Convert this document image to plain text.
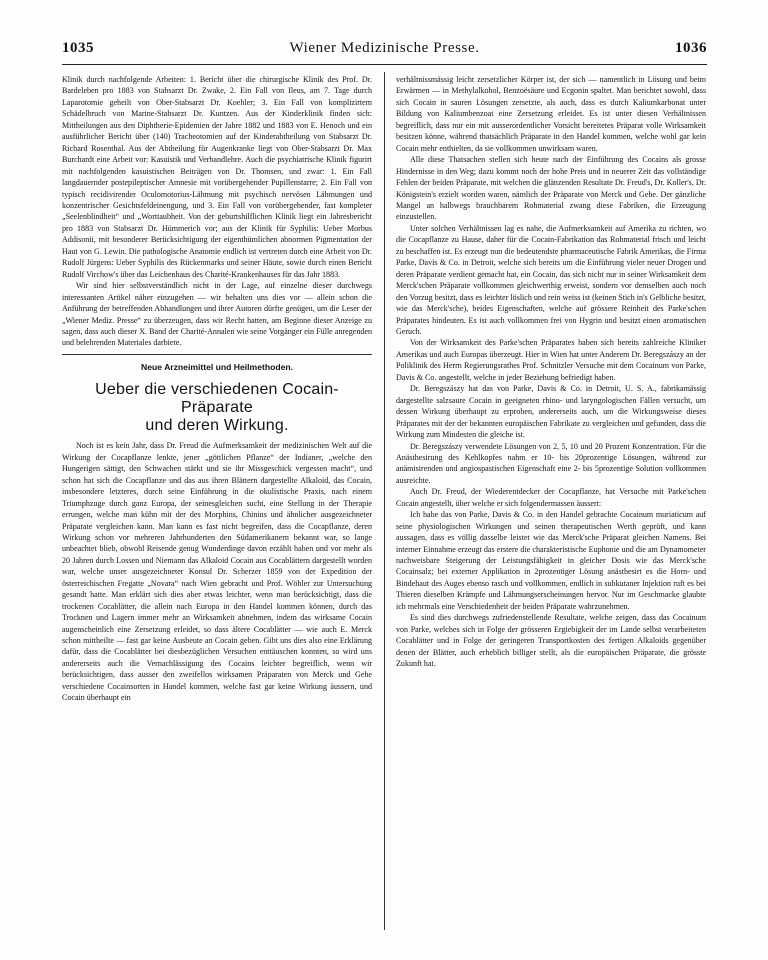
1035	Wiener Medizinische Presse.	1036

Klinik durch nachfolgende Arbeiten: 1. Bericht über die chirurgische Klinik des Prof. Dr. Bardeleben pro 1883 von Stabsarzt Dr. Zwake, 2. Ein Fall von Ileus, am 7. Tage durch Laparotomie geheilt von Ober-Stabsarzt Dr. Koehler; 3. Ein Fall von komplizirtem Schädelbruch von Marine-Stabsarzt Dr. Kuntzen. Aus der Kinderklinik finden sich: Mittheilungen aus den Diphtherie-Epidemien der Jahre 1882 und 1883 von E. Henoch und ein ausführlicher Bericht über (140) Tracheotomien auf der Kinderabtheilung von Stabsarzt Dr. Richard Rosenthal. Aus der Abtheilung für Augenkranke liegt von Ober-Stabsarzt Dr. Max Burchardt eine Arbeit vor: Kasuistik und Verbandlehre. Auch die psychiatrische Klinik figurirt mit nachfolgenden kasuistischen Beiträgen von Dr. Thomsen, und zwar: 1. Ein Fall langdauernder postepileptischer Amnesie mit vorübergehender Pupillenstarre; 2. Ein Fall von typisch recidivirender Oculomotorius-Lähmung mit psychisch nervösen Lähmungen und konzentrischer Gesichtsfeldeinengung, und 3. Ein Fall von vorübergehender, fast kompleter „Seelenblindheit“ und „Worttaubheit. Von der geburtshilflichen Klinik liegt ein Jahresbericht pro 1883 von Stabsarzt Dr. Hümmerich vor; aus der Klinik für Syphilis: Ueber Morbus Addisonii, mit besonderer Berücksichtigung der eigenthümlichen abnormen Pigmentation der Haut von G. Lewin. Die pathologische Anatomie endlich ist vertreten durch eine Arbeit von Dr. Rudolf Jürgens: Ueber Syphilis des Rückenmarks und seiner Häute, sowie durch einen Bericht Rudolf Virchow's über das Leichenhaus des Charité-Krankenhauses für das Jahr 1883.

Wir sind hier selbstverständlich nicht in der Lage, auf einzelne dieser durchwegs interessanten Artikel näher einzugehen — wir behalten uns dies vor — allein schon die Anführung der betreffenden Abhandlungen und ihrer Autoren dürfte genügen, um die Leser der „Wiener Mediz. Presse“ zu überzeugen, dass wir Recht hatten, am Beginne dieser Anzeige zu sagen, dass auch dieser X. Band der Charité-Annalen wie seine Vorgänger ein Fülle anregenden und belehrenden Materiales darbiete.

Neue Arzneimittel und Heilmethoden.
Ueber die verschiedenen Cocain-Präparate
und deren Wirkung.

Noch ist es kein Jahr, dass Dr. Freud die Aufmerksamkeit der medizinischen Welt auf die Wirkung der Cocapflanze lenkte, jener „göttlichen Pflanze“ der Indianer, „welche den Hungerigen sättigt, den Schwachen stärkt und sie ihr Missgeschick vergessen macht“, und schon hat sich die Cocapflanze und das aus ihren Blättern dargestellte Alkaloid, das Cocain, insbesondere letzteres, durch seine Einführung in die okulistische Praxis, nach einem Triumphzuge durch ganz Europa, der seinesgleichen sucht, eine Stellung in der Therapie errungen, welche man kühn mit der des Morphins, Chinins und ähnlicher ausgezeichneter Präparate vergleichen kann. Man kann es fast nicht begreifen, dass die Cocapflanze, deren Wirkung schon vor mehreren Jahrhunderten den Südamerikanern bekannt war, so lange unbeachtet blieb, obwohl Reisende genug Wunderdinge davon erzählt haben und vor mehr als 20 Jahren durch Lossen und Niemann das Alkaloid Cocain aus Cocablättern dargestellt worden war, welche unser ausgezeichneter Konsul Dr. Scherzer 1859 von der Expedition der österreichischen Fregatte „Novara“ nach Wien gebracht und Prof. Wöhler zur Untersuchung gesandt hatte. Man erklärt sich dies aber etwas leichter, wenn man berücksichtigt, dass die trockenen Cocablätter, die allein nach Europa in den Handel kommen können, durch das Trocknen und Lagern immer mehr an Wirksamkeit abnehmen, indem das wirksame Cocain augenscheinlich eine Zersetzung erleidet, so dass ältere Cocablätter — wie auch E. Merck schon mittheilte — fast gar keine Ausbeute an Cocain geben. Gibt uns dies also eine Erklärung dafür, dass die Cocablätter bei diesbezüglichen Versuchen enttäuschen konnten, so wird uns andererseits auch die Vernachlässigung des Cocains leichter begreiflich, wenn wir berücksichtigen, dass ausser den zweifellos wirksamen Präparaten von Merck und Gehe verschiedene Cocainsorten in Handel kommen, welche fast gar keine Wirkung äussern, und Cocain überhaupt ein

verhältnissmässig leicht zersetzlicher Körper ist, der sich — namentlich in Lösung und beim Erwärmen — in Methylalkohol, Benzoësäure und Ecgonin spaltet. Man berichtet sowohl, dass sich Cocain in sauren Lösungen zersetzte, als auch, dass es durch Kaliumkarbonat unter Bildung von Kaliumbenzoat eine Zersetzung erleidet. Es ist unter diesen Verhältnissen begreiflich, dass nur ein mit ausserordentlicher Vorsicht bereitetes Präparat volle Wirksamkeit besitzen könne, während thatsächlich Präparate in den Handel kommen, welche wohl gar kein Cocain mehr enthielten, da sie vollkommen unwirksam waren.

Alle diese Thatsachen stellen sich heute nach der Einführung des Cocains als grosse Hindernisse in den Weg; dazu kommt noch der hohe Preis und in neuerer Zeit das vollständige Fehlen der beiden Präparate, mit welchen die glänzenden Resultate Dr. Freud's, Dr. Koller's, Dr. Königstein's erzielt worden waren, nämlich der Präparate von Merck und Gehe. Der gänzliche Mangel an halbwegs brauchbarem Rohmaterial zwang diese Fabriken, die Erzeugung einzustellen.

Unter solchen Verhältnissen lag es nahe, die Aufmerksamkeit auf Amerika zu richten, wo die Cocapflanze zu Hause, daher für die Cocain-Fabrikation das Rohmaterial frisch und leicht zu beschaffen ist. Es erzeugt nun die bedeutendste pharmaceutische Fabrik Amerikas, die Firma Parke, Davis & Co. in Detroit, welche sich bereits um die Einführung vieler neuer Drogen und deren Präparate verdient gemacht hat, ein Cocain, das sich nicht nur in seiner Wirksamkeit dem Merck'schen Präparate vollkommen gleichwerthig erweist, sondern vor demselben auch noch den Vorzug besitzt, dass es leichter löslich und rein weiss ist (keinen Stich in's Gelbliche besitzt, wie das Merck'sche), beides Eigenschaften, welche auf grössere Reinheit des Parke'schen Präparates hindeuten. Es ist auch vollkommen frei von Hygrin und besitzt einen aromatischen Geruch.

Von der Wirksamkeit des Parke'schen Präparates haben sich bereits zahlreiche Kliniker Amerikas und auch Europas überzeugt. Hier in Wien hat unter Anderem Dr. Beregszászy an der Poliklinik des Herrn Regierungsrathes Prof. Schnitzler Versuche mit dem Cocainum von Parke, Davis & Co. angestellt, welche in jeder Beziehung befriedigt haben.

Dr. Beregszászy hat das von Parke, Davis & Co. in Detroit, U. S. A., fabrikamässig dargestellte salzsaure Cocain in geeigneten rhino- und laryngologischen Fällen versucht, um dessen Wirkung überhaupt zu erproben, andererseits auch, um die Wirkungsweise dieses Präparates mit der der bekannten europäischen Fabrikate zu vergleichen und gefunden, dass die Wirkung zum Mindesten die gleiche ist.

Dr. Beregszászy verwendete Lösungen von 2, 5, 10 und 20 Prozent Konzentration. Für die Anästhesirung des Kehlkopfes nahm er 10- bis 20prozentige Lösungen, während zur anämisirenden und angiospastischen Eigenschaft eine 2- bis 5prozentige Solution vollkommen ausreichte.

Auch Dr. Freud, der Wiederentdecker der Cocapflanze, hat Versuche mit Parke'schen Cocain angestellt, über welche er sich folgendermassen äussert:

Ich habe das von Parke, Davis & Co. in den Handel gebrachte Cocainum muriaticum auf seine physiologischen Wirkungen und seinen therapeutischen Werth geprüft, und kann aussagen, dass es völlig dasselbe leistet wie das Merck'sche Präparat gleichen Namens. Bei interner Einnahme erzeugt das erstere die charakteristische Euphonie und die am Dynamometer nachweisbare Steigerung der Leistungsfähigkeit in gleicher Dosis wie das Merck'sche Cocainsalz; bei externer Applikation in 2prozentiger Lösung anästhesirt es die Horn- und Bindehaut des Auges ebenso rasch und vollkommen, endlich in subkutaner Injektion ruft es bei Thieren dieselben Krämpfe und Lähmungserscheinungen hervor. Nur im Geschmacke glaubte ich mehrmals eine Verschiedenheit der beiden Präparate wahrzunehmen.

Es sind dies durchwegs zufriedenstellende Resultate, welche zeigen, dass das Cocainum von Parke, welches sich in Folge der grösseren Ergiebigkeit der im Lande selbst verarbeiteten Cocablätter und in Folge der geringeren Transportkosten des fertigen Alkaloids gegenüber denen der Blätter, auch erheblich billiger stellt, als die europäischen Präparate, die grösste Zukunft hat.
